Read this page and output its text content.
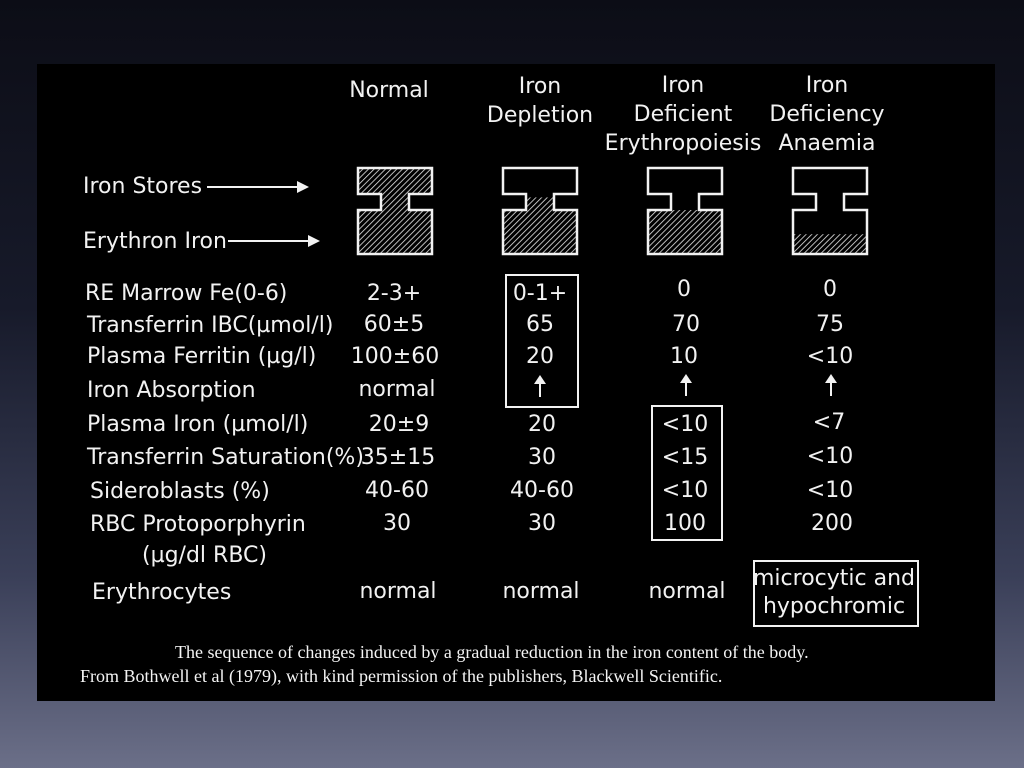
Normal	Iron
Depletion
Iron
Deficient
Erythropoiesis
Iron
Deficiency
Anaemia
Iron Stores
Erythron Iron
RE Marrow Fe(0-6)
Transferrin IBC(µmol/l)
Plasma Ferritin (µg/l)
Iron Absorption
Plasma Iron (µmol/l)
Transferrin Saturation(%)
Sideroblasts (%)
RBC Protoporphyrin
(µg/dl RBC)
Erythrocytes
2-3+
60±5
100±60
normal
20±9
35±15
40-60
30
normal
0-1+
65
20
20
30
40-60
30
normal
0
70
10
<10
<15
<10
100
normal
0
75
<10
<7
<10
<10
200
microcytic and
hypochromic
The sequence of changes induced by a gradual reduction in the iron content of the body.
From Bothwell et al (1979), with kind permission of the publishers, Blackwell Scientific.
